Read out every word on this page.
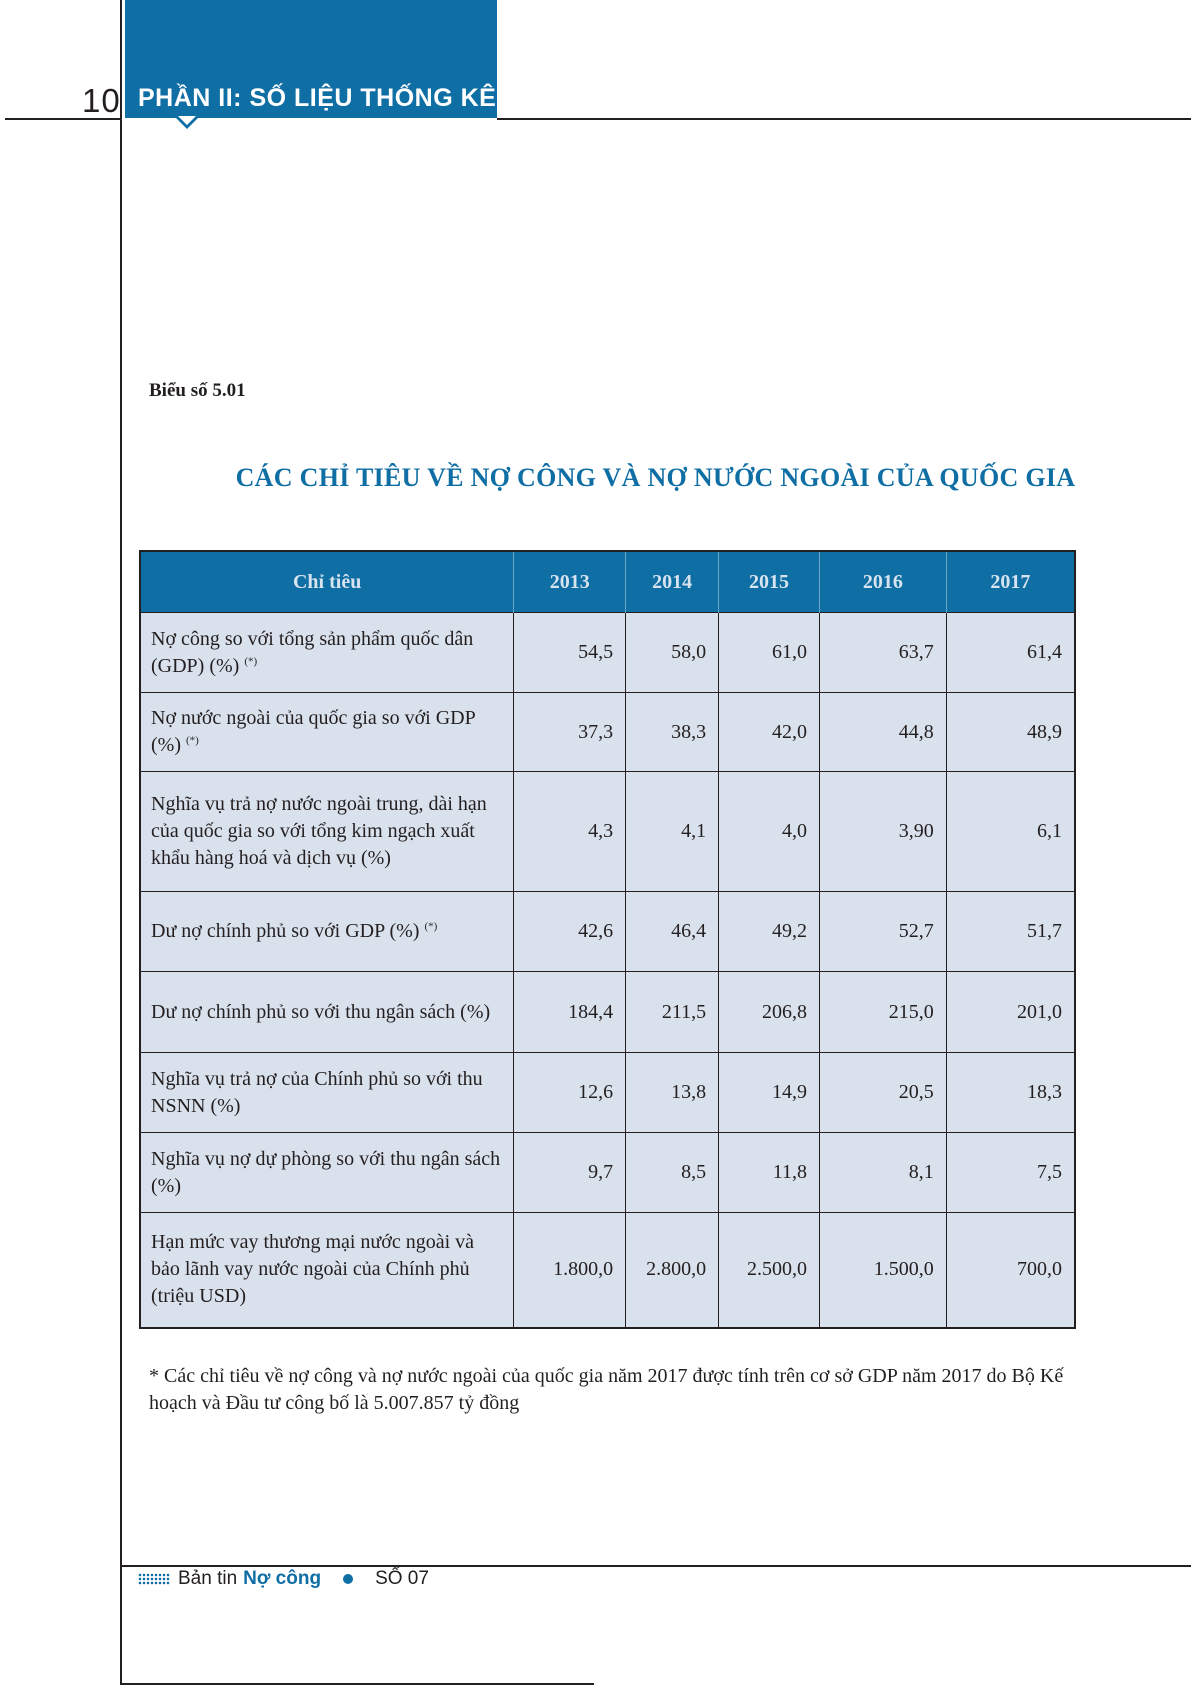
10 PHẦN II: SỐ LIỆU THỐNG KÊ
Biểu số 5.01
CÁC CHỈ TIÊU VỀ NỢ CÔNG VÀ NỢ NƯỚC NGOÀI CỦA QUỐC GIA
Chỉ tiêu	2013	2014	2015	2016	2017
Nợ công so với tổng sản phẩm quốc dân (GDP) (%) (*)	54,5	58,0	61,0	63,7	61,4
Nợ nước ngoài của quốc gia so với GDP (%) (*)	37,3	38,3	42,0	44,8	48,9
Nghĩa vụ trả nợ nước ngoài trung, dài hạn của quốc gia so với tổng kim ngạch xuất khẩu hàng hoá và dịch vụ (%)	4,3	4,1	4,0	3,90	6,1
Dư nợ chính phủ so với GDP (%) (*)	42,6	46,4	49,2	52,7	51,7
Dư nợ chính phủ so với thu ngân sách (%)	184,4	211,5	206,8	215,0	201,0
Nghĩa vụ trả nợ của Chính phủ so với thu NSNN (%)	12,6	13,8	14,9	20,5	18,3
Nghĩa vụ nợ dự phòng so với thu ngân sách (%)	9,7	8,5	11,8	8,1	7,5
Hạn mức vay thương mại nước ngoài và bảo lãnh vay nước ngoài của Chính phủ (triệu USD)	1.800,0	2.800,0	2.500,0	1.500,0	700,0
* Các chỉ tiêu về nợ công và nợ nước ngoài của quốc gia năm 2017 được tính trên cơ sở GDP năm 2017 do Bộ Kế hoạch và Đầu tư công bố là 5.007.857 tỷ đồng
Bản tin Nợ công	SỐ 07
